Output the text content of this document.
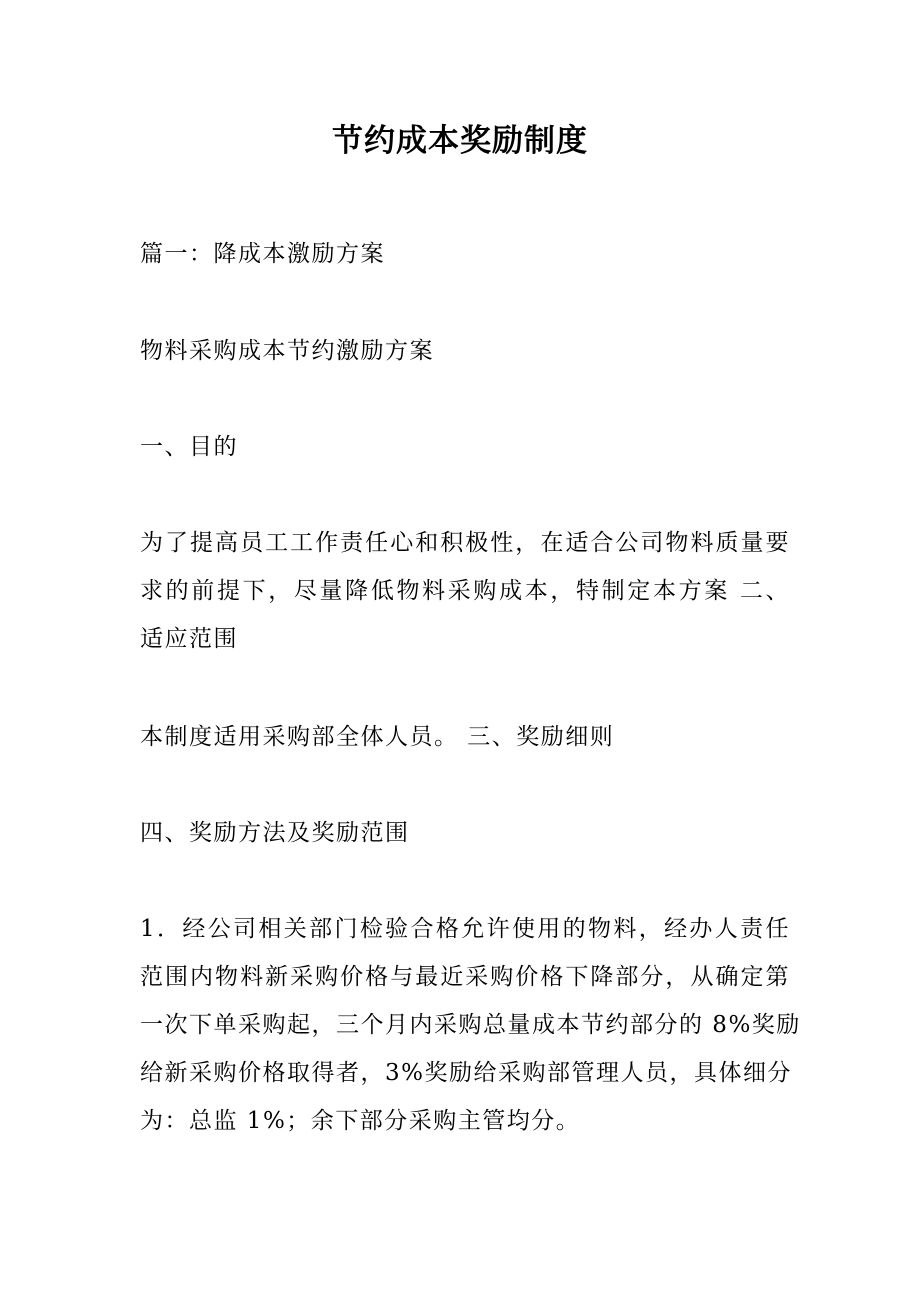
节约成本奖励制度

篇一：降成本激励方案

物料采购成本节约激励方案

一、目的

为了提高员工工作责任心和积极性，在适合公司物料质量要
求的前提下，尽量降低物料采购成本，特制定本方案 二、
适应范围

本制度适用采购部全体人员。 三、奖励细则

四、奖励方法及奖励范围

1．经公司相关部门检验合格允许使用的物料，经办人责任
范围内物料新采购价格与最近采购价格下降部分，从确定第
一次下单采购起，三个月内采购总量成本节约部分的 8%奖励
给新采购价格取得者，3%奖励给采购部管理人员，具体细分
为：总监 1%；余下部分采购主管均分。
